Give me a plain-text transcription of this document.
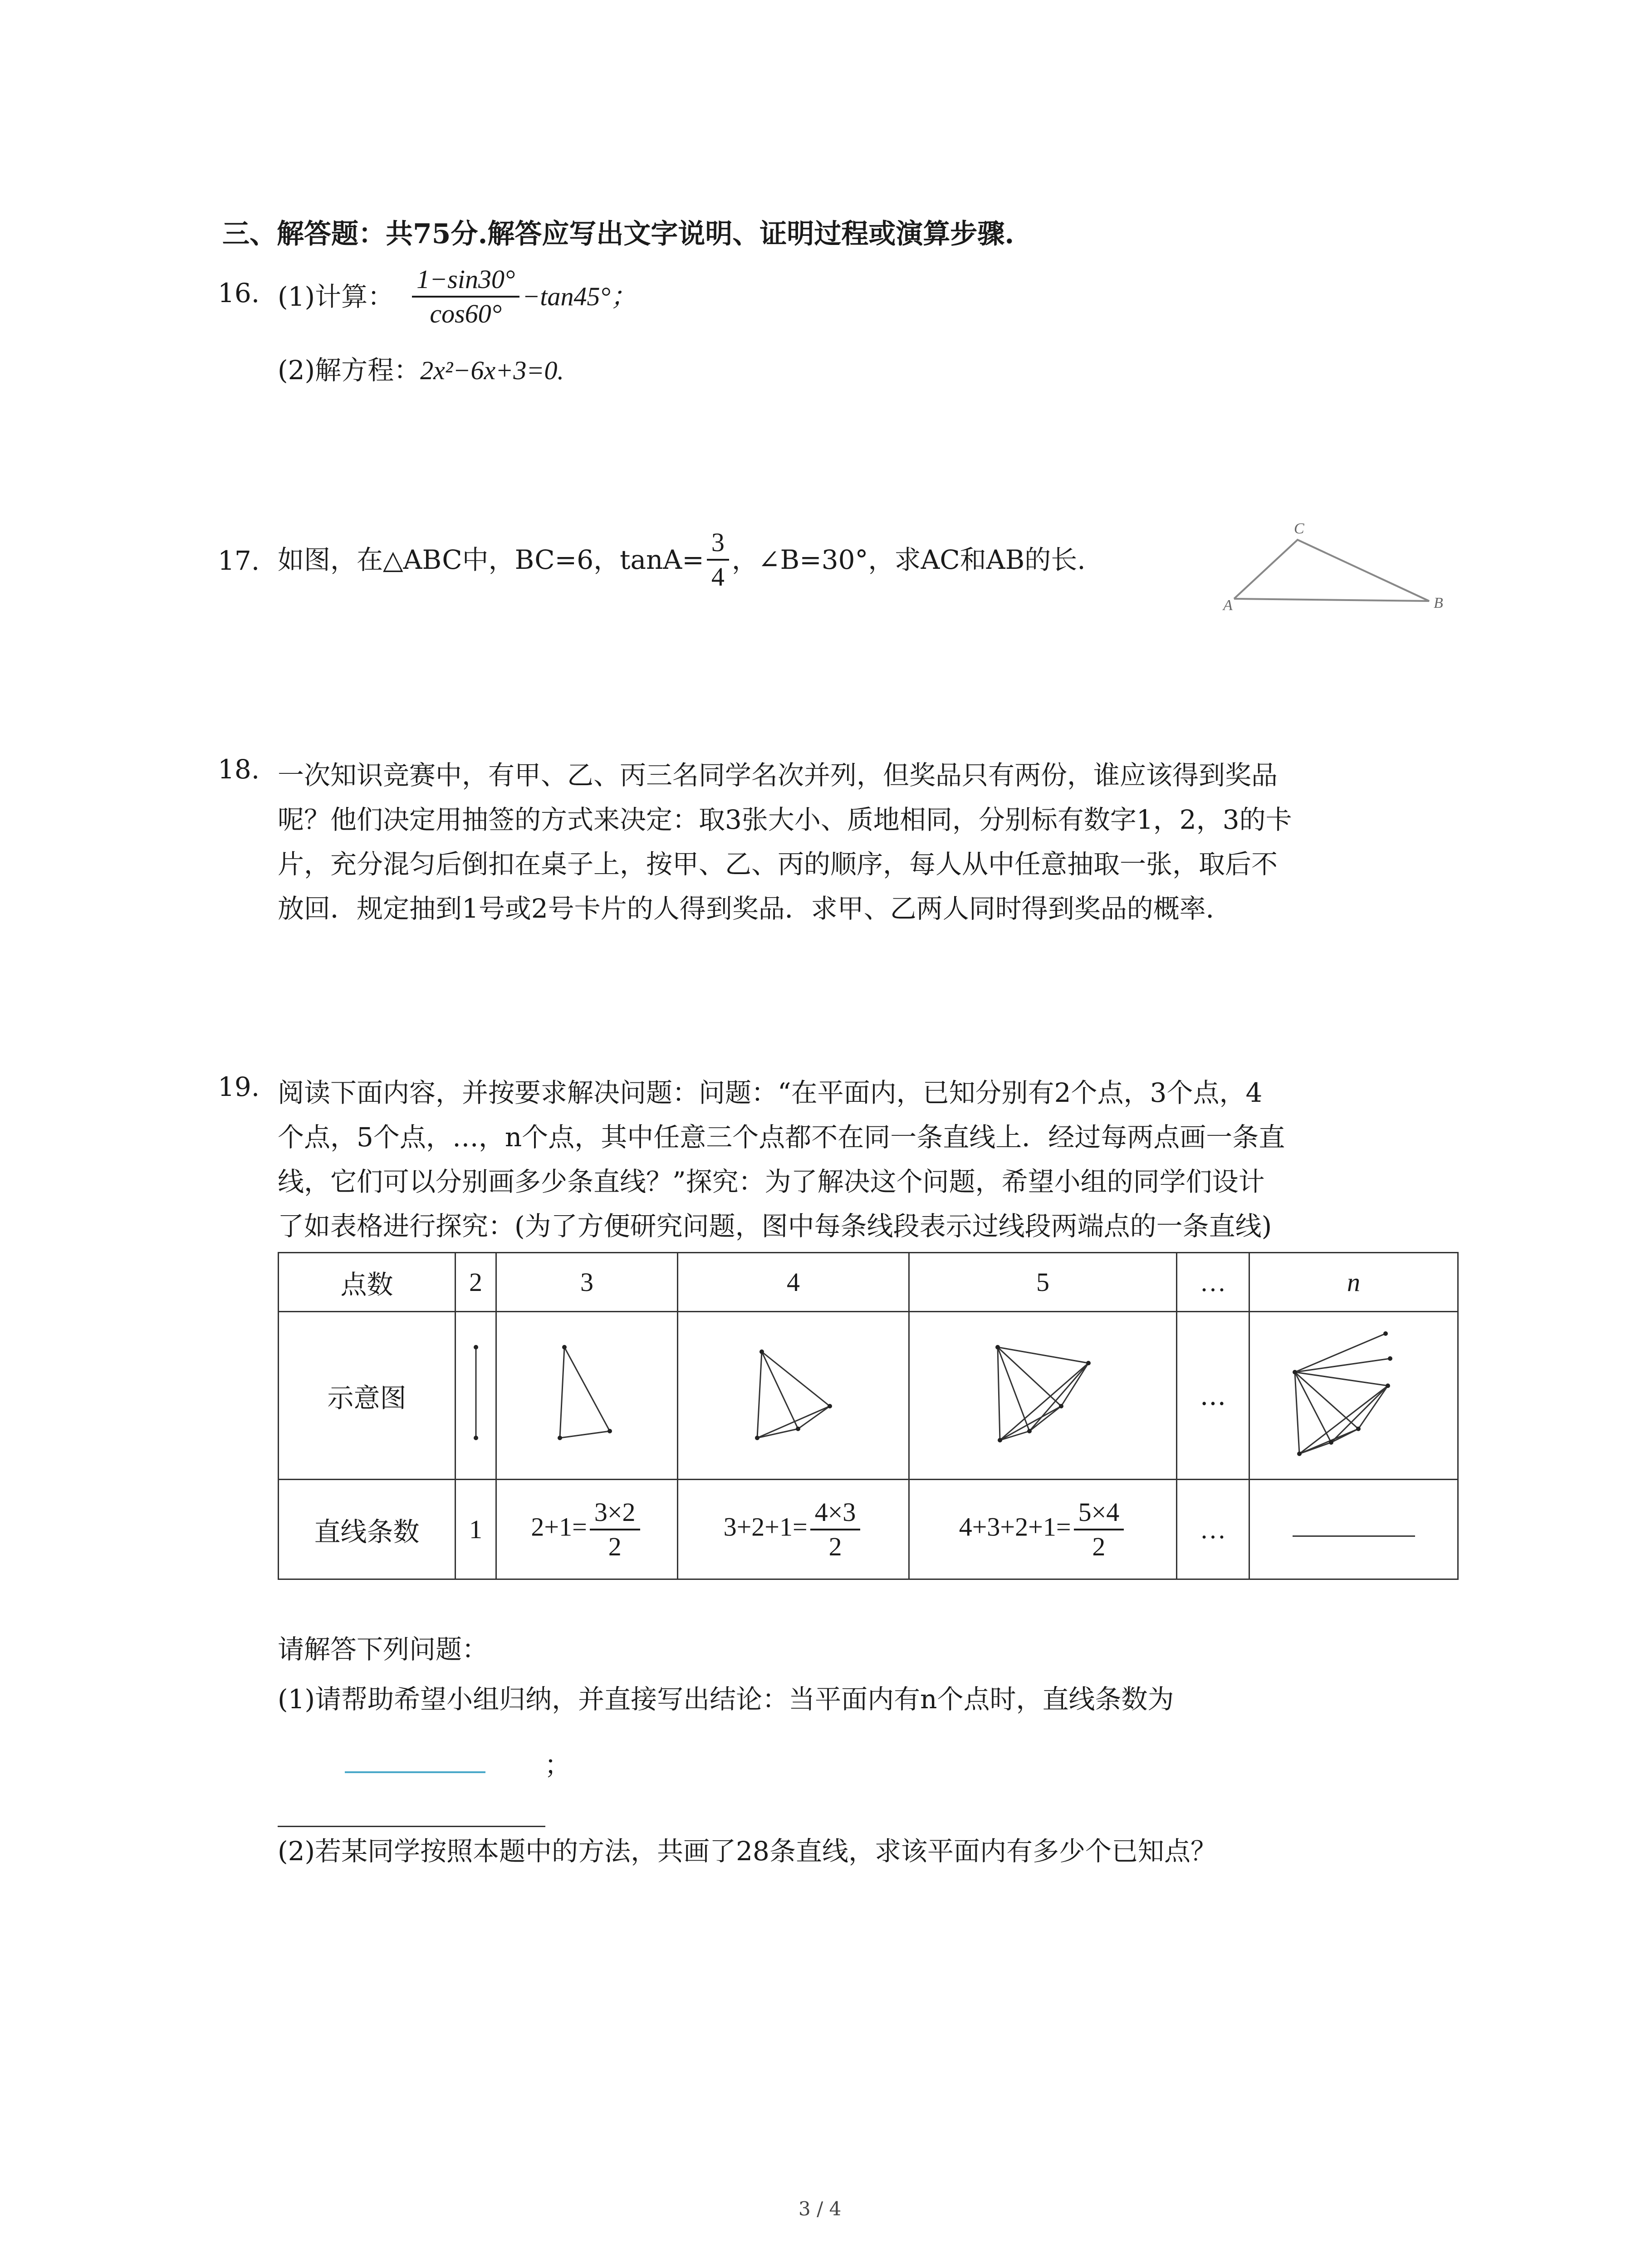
三、解答题：共75分.解答应写出文字说明、证明过程或演算步骤.
16. (1)计算： $\frac{1-\sin 30^\circ}{\cos 60^\circ} -\tan 45^\circ$；
(2)解方程：2x²−6x+3=0.
17. 如图，在△ABC中，BC=6，$\tan A= \frac{3}{4}$ ，∠B=30°，求AC和AB的长.
A
C
B
18. 一次知识竞赛中，有甲、乙、丙三名同学名次并列，但奖品只有两份，谁应该得到奖品
呢？他们决定用抽签的方式来决定：取3张大小、质地相同，分别标有数字1，2，3的卡
片，充分混匀后倒扣在桌子上，按甲、乙、丙的顺序，每人从中任意抽取一张，取后不
放回．规定抽到1号或2号卡片的人得到奖品．求甲、乙两人同时得到奖品的概率．
19. 阅读下面内容，并按要求解决问题：问题：“在平面内，已知分别有2个点，3个点，4
个点，5个点，…，n个点，其中任意三个点都不在同一条直线上．经过每两点画一条直
线，它们可以分别画多少条直线？”探究：为了解决这个问题，希望小组的同学们设计
了如表格进行探究：(为了方便研究问题，图中每条线段表示过线段两端点的一条直线)
点数	2	3	4	5	…	n
示意图					…	
直线条数	1	$2+1= \frac{3\times 2}{2}$	$3+2+1= \frac{4\times 3}{2}$	$4+3+2+1= \frac{5\times 4}{2}$	…	
请解答下列问题：
(1)请帮助希望小组归纳，并直接写出结论：当平面内有n个点时，直线条数为
；
(2)若某同学按照本题中的方法，共画了28条直线，求该平面内有多少个已知点？
3 / 4
